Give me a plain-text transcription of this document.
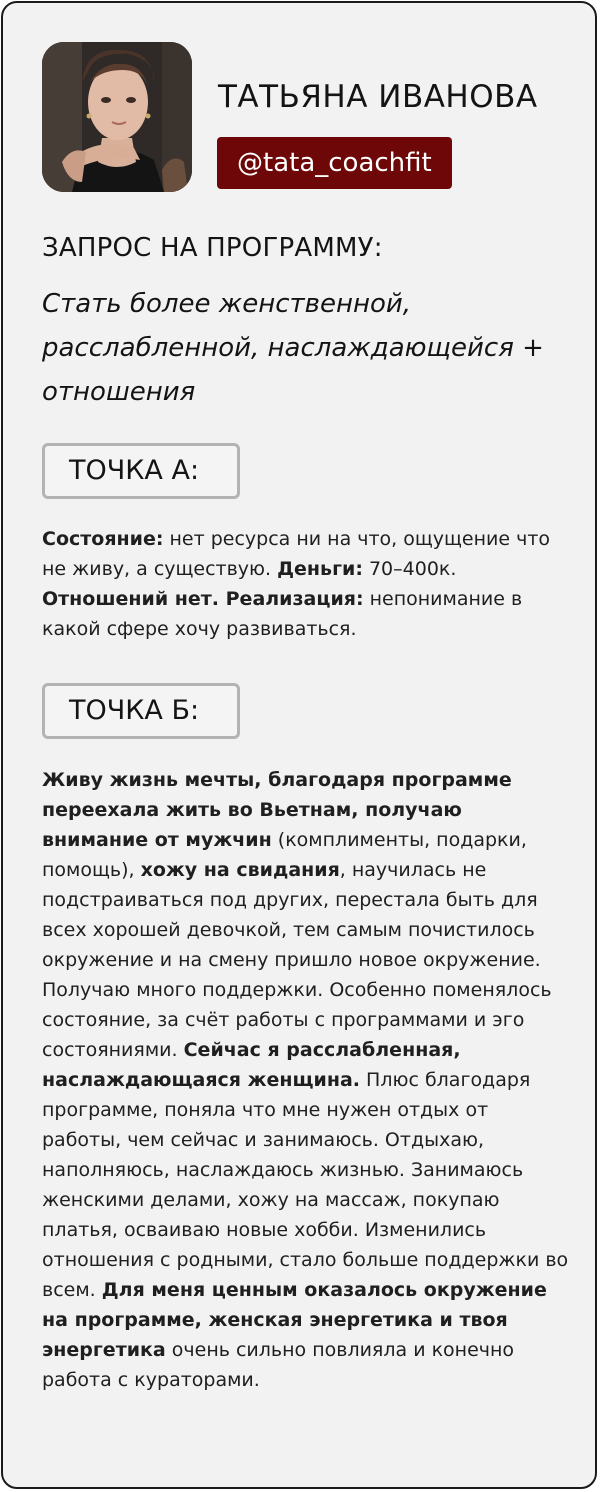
ТАТЬЯНА ИВАНОВА
@tata_coachfit
ЗАПРОС НА ПРОГРАММУ:
Стать более женственной, расслабленной, наслаждающейся + отношения
ТОЧКА А:
Состояние: нет ресурса ни на что, ощущение что не живу, а существую. Деньги: 70–400к. Отношений нет. Реализация: непонимание в какой сфере хочу развиваться.
ТОЧКА Б:
Живу жизнь мечты, благодаря программе переехала жить во Вьетнам, получаю внимание от мужчин (комплименты, подарки, помощь), хожу на свидания, научилась не подстраиваться под других, перестала быть для всех хорошей девочкой, тем самым почистилось окружение и на смену пришло новое окружение. Получаю много поддержки. Особенно поменялось состояние, за счёт работы с программами и эго состояниями. Сейчас я расслабленная, наслаждающаяся женщина. Плюс благодаря программе, поняла что мне нужен отдых от работы, чем сейчас и занимаюсь. Отдыхаю, наполняюсь, наслаждаюсь жизнью. Занимаюсь женскими делами, хожу на массаж, покупаю платья, осваиваю новые хобби. Изменились отношения с родными, стало больше поддержки во всем. Для меня ценным оказалось окружение на программе, женская энергетика и твоя энергетика очень сильно повлияла и конечно работа с кураторами.
